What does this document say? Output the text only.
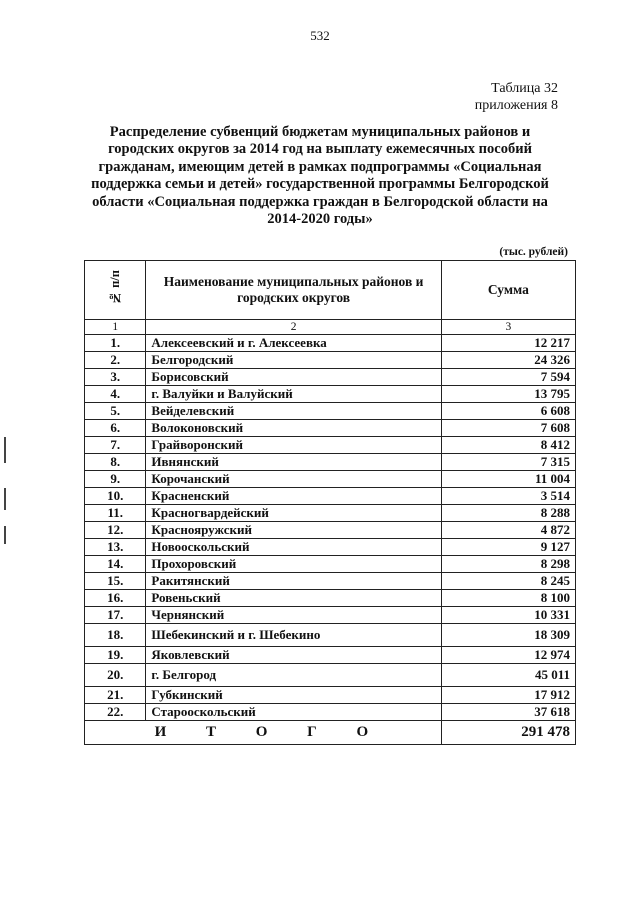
532
Таблица 32
приложения 8
Распределение субвенций бюджетам муниципальных районов и городских округов за 2014 год на выплату ежемесячных пособий гражданам, имеющим детей в рамках подпрограммы «Социальная поддержка семьи и детей» государственной программы Белгородской области «Социальная поддержка граждан в Белгородской области на 2014-2020 годы»
(тыс. рублей)
№ п/п	Наименование муниципальных районов и городских округов	Сумма
1	2	3
1.	Алексеевский и г. Алексеевка	12 217
2.	Белгородский	24 326
3.	Борисовский	7 594
4.	г. Валуйки и Валуйский	13 795
5.	Вейделевский	6 608
6.	Волоконовский	7 608
7.	Грайворонский	8 412
8.	Ивнянский	7 315
9.	Корочанский	11 004
10.	Красненский	3 514
11.	Красногвардейский	8 288
12.	Краснояружский	4 872
13.	Новооскольский	9 127
14.	Прохоровский	8 298
15.	Ракитянский	8 245
16.	Ровеньский	8 100
17.	Чернянский	10 331
18.	Шебекинский и г. Шебекино	18 309
19.	Яковлевский	12 974
20.	г. Белгород	45 011
21.	Губкинский	17 912
22.	Старооскольский	37 618
И Т О Г О		291 478
